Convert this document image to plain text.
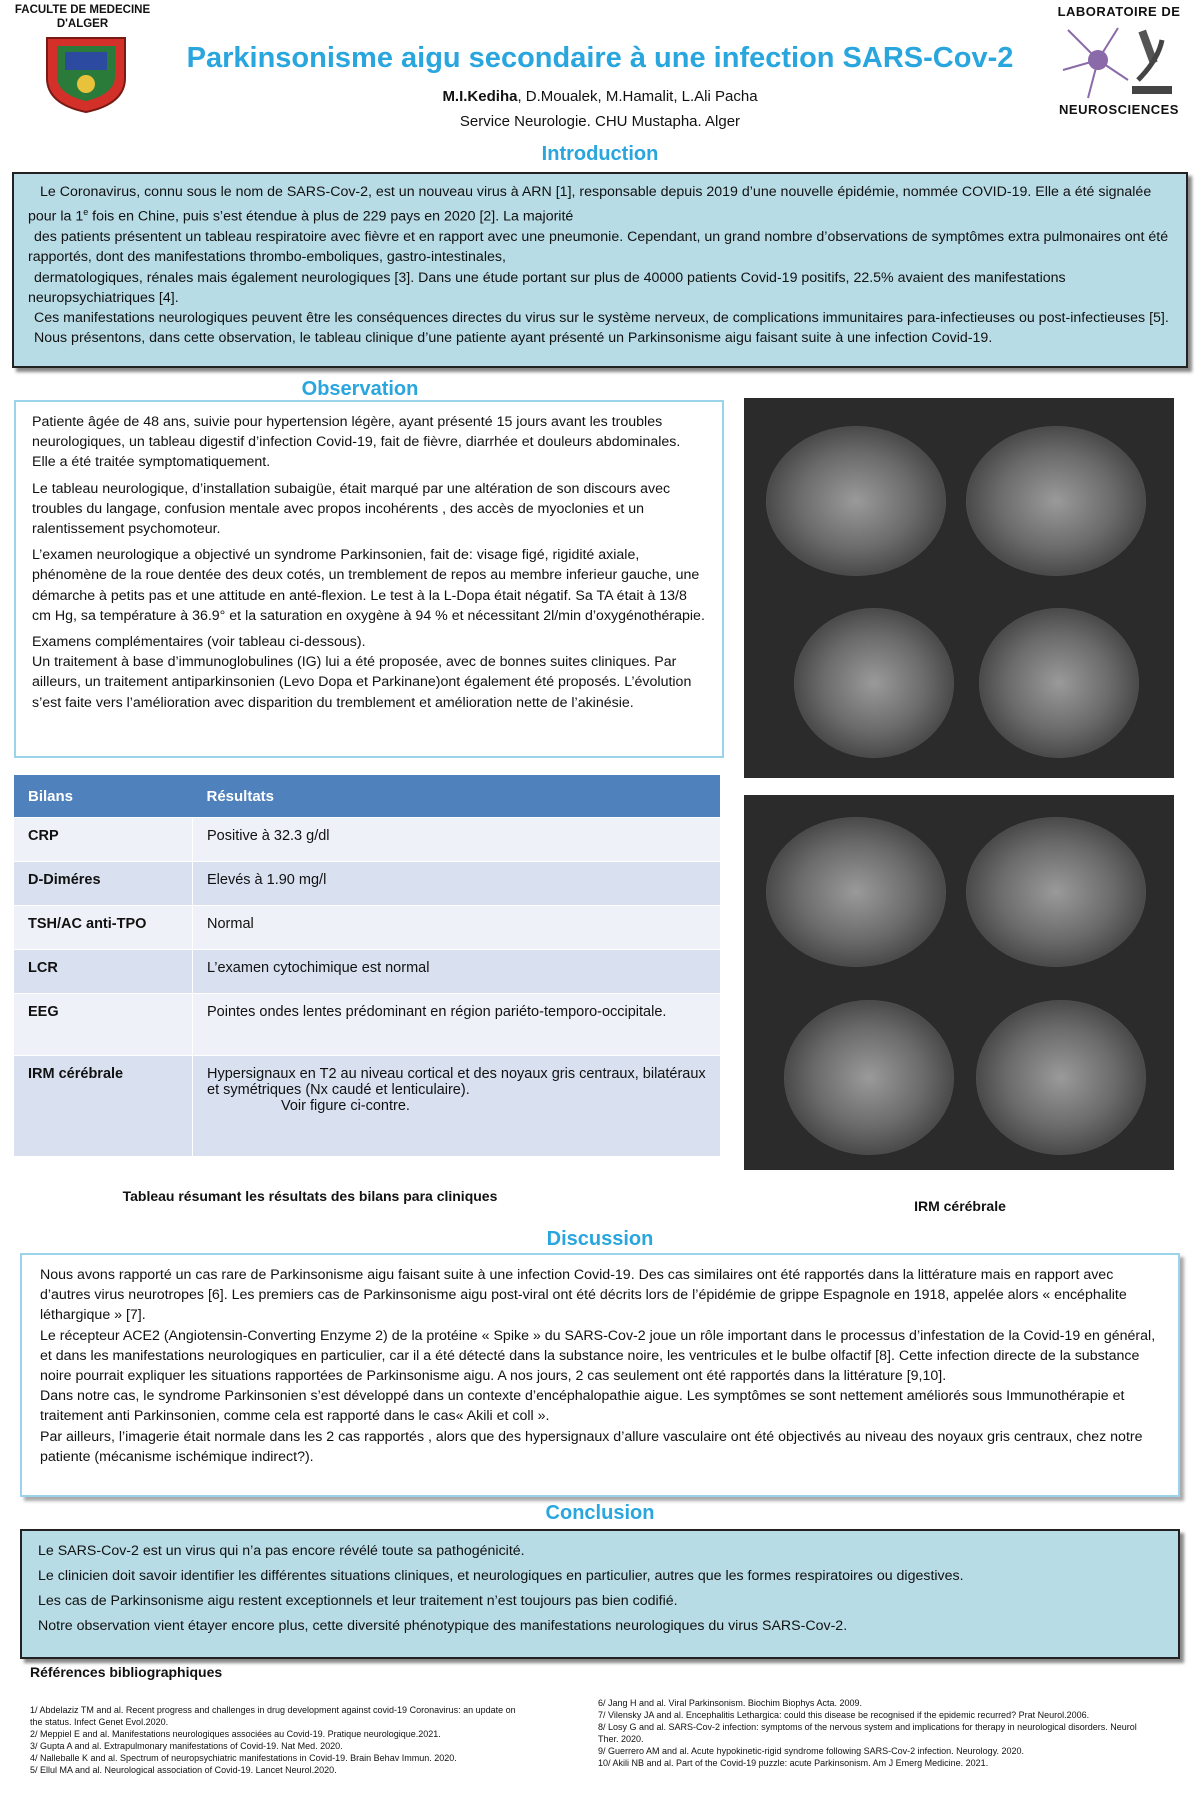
FACULTE DE MEDECINE
D'ALGER
LABORATOIRE DE
NEUROSCIENCES
Parkinsonisme aigu secondaire à une infection SARS-Cov-2
M.I.Kediha, D.Moualek, M.Hamalit, L.Ali Pacha
Service Neurologie. CHU Mustapha. Alger
Introduction

Le Coronavirus, connu sous le nom de SARS-Cov-2, est un nouveau virus à ARN [1], responsable depuis 2019 d’une nouvelle épidémie, nommée COVID-19. Elle a été signalée pour la 1e fois en Chine, puis s’est étendue à plus de 229 pays en 2020 [2]. La majorité

des patients présentent un tableau respiratoire avec fièvre et en rapport avec une pneumonie. Cependant, un grand nombre d’observations de symptômes extra pulmonaires ont été rapportés, dont des manifestations thrombo-emboliques, gastro-intestinales,

dermatologiques, rénales mais également neurologiques [3]. Dans une étude portant sur plus de 40000 patients Covid-19 positifs, 22.5% avaient des manifestations neuropsychiatriques [4].

Ces manifestations neurologiques peuvent être les conséquences directes du virus sur le système nerveux, de complications immunitaires para-infectieuses ou post-infectieuses [5].

Nous présentons, dans cette observation, le tableau clinique d’une patiente ayant présenté un Parkinsonisme aigu faisant suite à une infection Covid-19.

Observation

Patiente âgée de 48 ans, suivie pour hypertension légère, ayant présenté 15 jours avant les troubles neurologiques, un tableau digestif d’infection Covid-19, fait de fièvre, diarrhée et douleurs abdominales. Elle a été traitée symptomatiquement.

Le tableau neurologique, d’installation subaigüe, était marqué par une altération de son discours avec troubles du langage, confusion mentale avec propos incohérents , des accès de myoclonies et un ralentissement psychomoteur.

L’examen neurologique a objectivé un syndrome Parkinsonien, fait de: visage figé, rigidité axiale, phénomène de la roue dentée des deux cotés, un tremblement de repos au membre inferieur gauche, une démarche à petits pas et une attitude en anté-flexion. Le test à la L-Dopa était négatif. Sa TA était à 13/8 cm Hg, sa température à 36.9° et la saturation en oxygène à 94 % et nécessitant 2l/min d’oxygénothérapie.

Examens complémentaires (voir tableau ci-dessous).
Un traitement à base d’immunoglobulines (IG) lui a été proposée, avec de bonnes suites cliniques. Par ailleurs, un traitement antiparkinsonien (Levo Dopa et Parkinane)ont également été proposés. L’évolution s’est faite vers l’amélioration avec disparition du tremblement et amélioration nette de l’akinésie.

IRM cérébrale
Bilans	Résultats
CRP	Positive à 32.3 g/dl
D-Diméres	Elevés à 1.90 mg/l
TSH/AC anti-TPO	Normal
LCR	L’examen cytochimique est normal
EEG	Pointes ondes lentes prédominant en région pariéto-temporo-occipitale.
IRM cérébrale	Hypersignaux en T2 au niveau cortical et des noyaux gris centraux, bilatéraux et symétriques (Nx caudé et lenticulaire).
Voir figure ci-contre.
Tableau résumant les résultats des bilans para cliniques
Discussion

Nous avons rapporté un cas rare de Parkinsonisme aigu faisant suite à une infection Covid-19. Des cas similaires ont été rapportés dans la littérature mais en rapport avec d’autres virus neurotropes [6]. Les premiers cas de Parkinsonisme aigu post-viral ont été décrits lors de l’épidémie de grippe Espagnole en 1918, appelée alors « encéphalite léthargique » [7].

Le récepteur ACE2 (Angiotensin-Converting Enzyme 2) de la protéine « Spike » du SARS-Cov-2 joue un rôle important dans le processus d’infestation de la Covid-19 en général, et dans les manifestations neurologiques en particulier, car il a été détecté dans la substance noire, les ventricules et le bulbe olfactif [8]. Cette infection directe de la substance noire pourrait expliquer les situations rapportées de Parkinsonisme aigu. A nos jours, 2 cas seulement ont été rapportés dans la littérature [9,10].

Dans notre cas, le syndrome Parkinsonien s’est développé dans un contexte d’encéphalopathie aigue. Les symptômes se sont nettement améliorés sous Immunothérapie et traitement anti Parkinsonien, comme cela est rapporté dans le cas« Akili et coll ».

Par ailleurs, l’imagerie était normale dans les 2 cas rapportés , alors que des hypersignaux d’allure vasculaire ont été objectivés au niveau des noyaux gris centraux, chez notre patiente (mécanisme ischémique indirect?).

Conclusion

Le SARS-Cov-2 est un virus qui n’a pas encore révélé toute sa pathogénicité.

Le clinicien doit savoir identifier les différentes situations cliniques, et neurologiques en particulier, autres que les formes respiratoires ou digestives.

Les cas de Parkinsonisme aigu restent exceptionnels et leur traitement n’est toujours pas bien codifié.

Notre observation vient étayer encore plus, cette diversité phénotypique des manifestations neurologiques du virus SARS-Cov-2.

Références bibliographiques

1/ Abdelaziz TM and al. Recent progress and challenges in drug development against covid-19 Coronavirus: an update on the status. Infect Genet Evol.2020.

2/ Meppiel E and al. Manifestations neurologiques associées au Covid-19. Pratique neurologique.2021.

3/ Gupta A and al. Extrapulmonary manifestations of Covid-19. Nat Med. 2020.

4/ Nalleballe K and al. Spectrum of neuropsychiatric manifestations in Covid-19. Brain Behav Immun. 2020.

5/ Ellul MA and al. Neurological association of Covid-19. Lancet Neurol.2020.

6/ Jang H and al. Viral Parkinsonism. Biochim Biophys Acta. 2009.

7/ Vilensky JA and al. Encephalitis Lethargica: could this disease be recognised if the epidemic recurred? Prat Neurol.2006.

8/ Losy G and al. SARS-Cov-2 infection: symptoms of the nervous system and implications for therapy in neurological disorders. Neurol Ther. 2020.

9/ Guerrero AM and al. Acute hypokinetic-rigid syndrome following SARS-Cov-2 infection. Neurology. 2020.

10/ Akili NB and al. Part of the Covid-19 puzzle: acute Parkinsonism. Am J Emerg Medicine. 2021.
